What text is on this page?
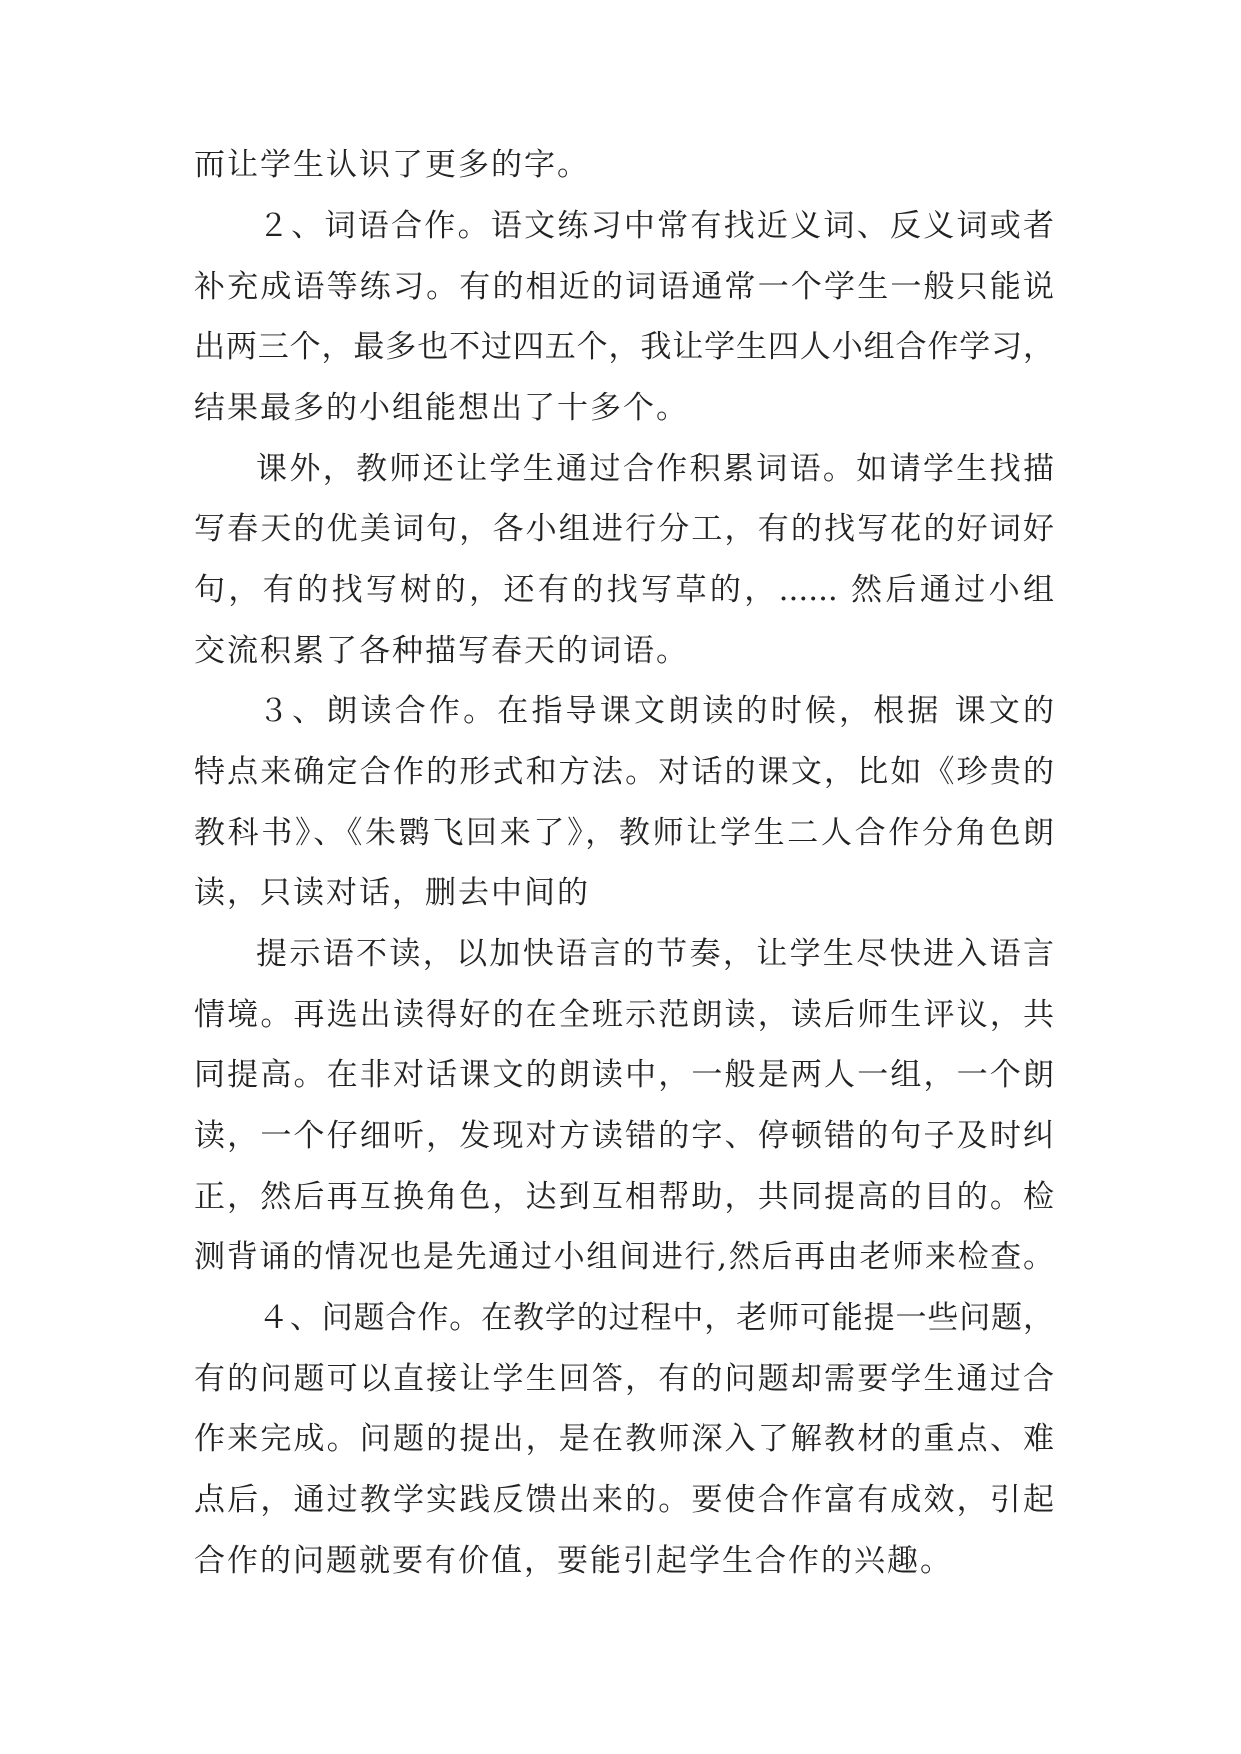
而让学生认识了更多的字。

２、词语合作。语文练习中常有找近义词、反义词或者

补充成语等练习。有的相近的词语通常一个学生一般只能说

出两三个，最多也不过四五个，我让学生四人小组合作学习，

结果最多的小组能想出了十多个。

课外，教师还让学生通过合作积累词语。如请学生找描

写春天的优美词句，各小组进行分工，有的找写花的好词好

句，有的找写树的，还有的找写草的，...... 然后通过小组

交流积累了各种描写春天的词语。

３、朗读合作。在指导课文朗读的时候，根据 课文的

特点来确定合作的形式和方法。对话的课文，比如《珍贵的

教科书》、《朱鹮飞回来了》，教师让学生二人合作分角色朗

读，只读对话，删去中间的

提示语不读，以加快语言的节奏，让学生尽快进入语言

情境。再选出读得好的在全班示范朗读，读后师生评议，共

同提高。在非对话课文的朗读中，一般是两人一组，一个朗

读，一个仔细听，发现对方读错的字、停顿错的句子及时纠

正，然后再互换角色，达到互相帮助，共同提高的目的。检

测背诵的情况也是先通过小组间进行,然后再由老师来检查。

４、问题合作。在教学的过程中，老师可能提一些问题，

有的问题可以直接让学生回答，有的问题却需要学生通过合

作来完成。问题的提出，是在教师深入了解教材的重点、难

点后，通过教学实践反馈出来的。要使合作富有成效，引起

合作的问题就要有价值，要能引起学生合作的兴趣。
